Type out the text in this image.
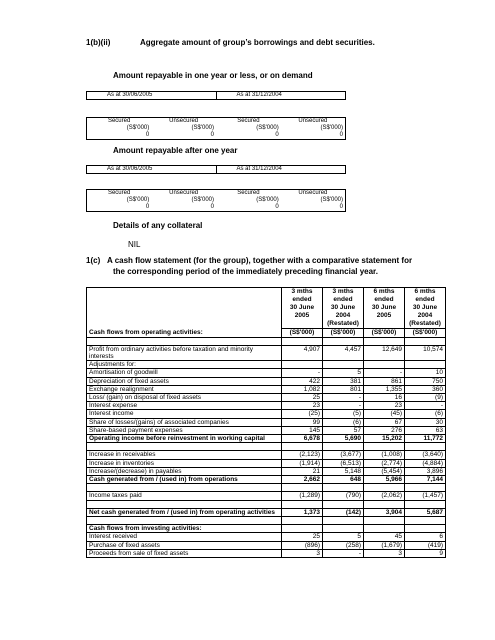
1(b)(ii)	Aggregate amount of group’s borrowings and debt securities.
Amount repayable in one year or less, or on demand
As at 30/06/2005	As at 31/12/2004
Secured	Unsecured	Secured	Unsecured
(S$'000)	(S$'000)	(S$'000)	(S$'000)
0	0	0	0
Amount repayable after one year
As at 30/06/2005	As at 31/12/2004
Secured	Unsecured	Secured	Unsecured
(S$'000)	(S$'000)	(S$'000)	(S$'000)
0	0	0	0
Details of any collateral
NIL
1(c) A cash flow statement (for the group), together with a comparative statement for
the corresponding period of the immediately preceding financial year.
	3 mths	3 mths	6 mths	6 mths
	ended	ended	ended	ended
	30 June	30 June	30 June	30 June
	2005	2004	2005	2004
		(Restated)		(Restated)
Cash flows from operating activities:	(S$'000)	(S$'000)	(S$'000)	(S$'000)

Profit from ordinary activities before taxation and minority interests	4,907	4,457	12,649	10,574
Adjustments for:				
Amortisation of goodwill	-	5	-	10
Depreciation of fixed assets	422	381	861	750
Exchange realignment	1,082	801	1,355	360
Loss/ (gain) on disposal of fixed assets	25	-	16	(9)
Interest expense	23	-	23	-
Interest income	(25)	(5)	(45)	(6)
Share of losses/(gains) of associated companies	99	(6)	67	30
Share-based payment expenses	145	57	276	63
Operating income before reinvestment in working capital	6,678	5,690	15,202	11,772

Increase in receivables	(2,123)	(3,677)	(1,008)	(3,640)
Increase in inventories	(1,914)	(6,513)	(2,774)	(4,884)
Increase/(decrease) in payables	21	5,148	(5,454)	3,896
Cash generated from / (used in) from operations	2,662	648	5,966	7,144

Income taxes paid	(1,289)	(790)	(2,062)	(1,457)

Net cash generated from / (used in) from operating activities	1,373	(142)	3,904	5,687

Cash flows from investing activities:				
Interest received	25	5	45	6
Purchase of fixed assets	(896)	(258)	(1,679)	(419)
Proceeds from sale of fixed assets	3	-	3	9
